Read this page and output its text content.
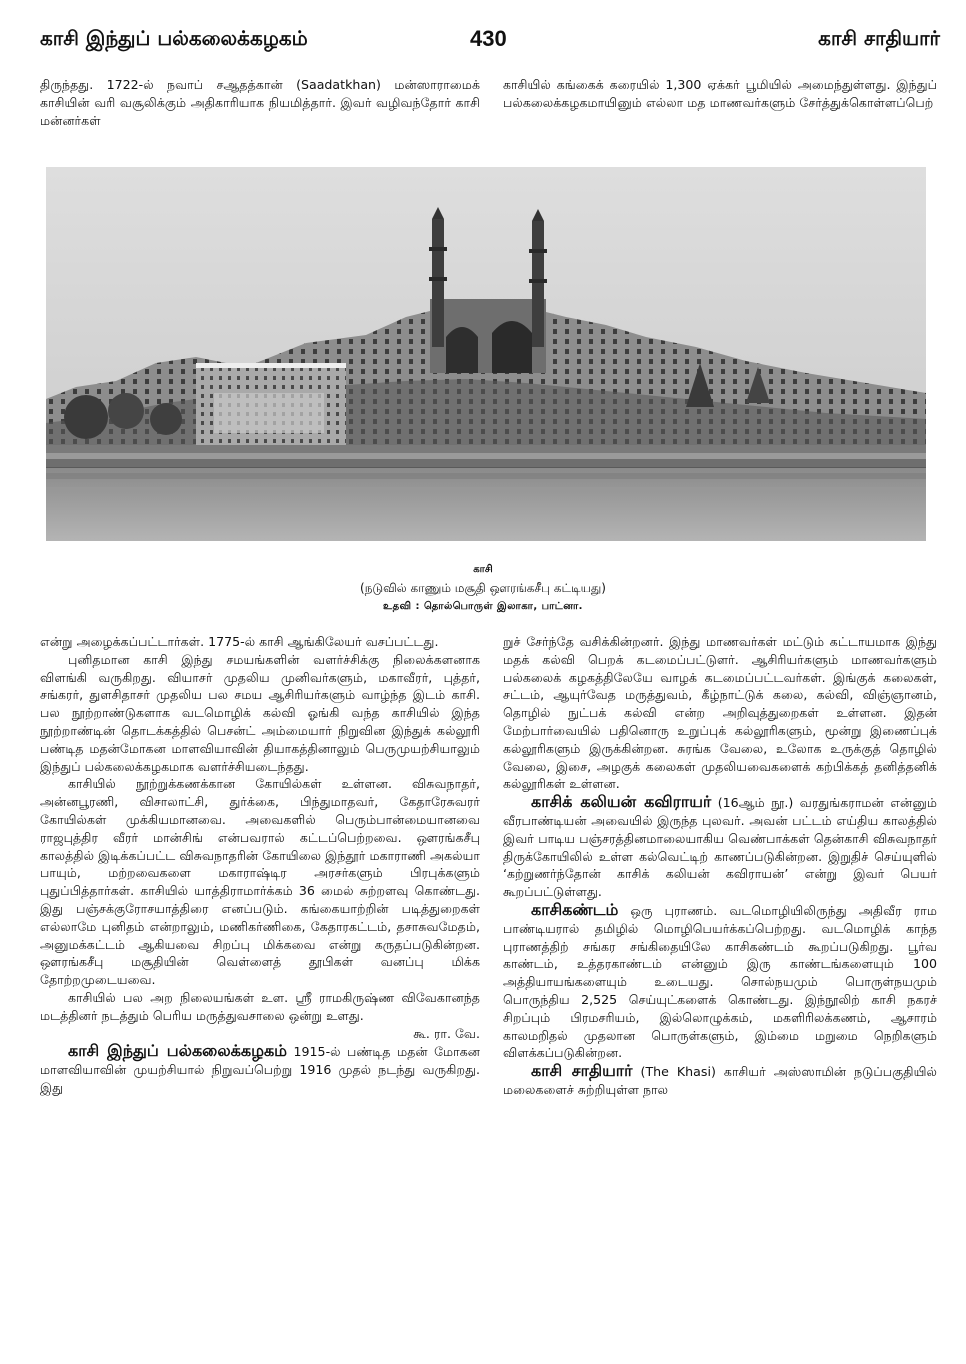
காசி இந்துப் பல்கலைக்கழகம்	430	காசி சாதியார்

திருந்தது. 1722-ல் நவாப் சஆதத்கான் (Saadatkhan) மன்ஸாராமைக் காசியின் வரி வசூலிக்கும் அதிகாரியாக நியமித்தார். இவர் வழிவந்தோர் காசி மன்னர்கள்

காசியில் கங்கைக் கரையில் 1,300 ஏக்கர் பூமியில் அமைந்துள்ளது. இந்துப் பல்கலைக்கழகமாயினும் எல்லா மத மாணவர்களும் சேர்த்துக்கொள்ளப்பெற்

காசி
(நடுவில் காணும் மசூதி ஔரங்கசீபு கட்டியது)
உதவி : தொல்பொருள் இலாகா, பாட்னா.

என்று அழைக்கப்பட்டார்கள். 1775-ல் காசி ஆங்கிலேயர் வசப்பட்டது.

புனிதமான காசி இந்து சமயங்களின் வளர்ச்சிக்கு நிலைக்களனாக விளங்கி வருகிறது. வியாசர் முதலிய முனிவர்களும், மகாவீரர், புத்தர், சங்கரர், துளசிதாசர் முதலிய பல சமய ஆசிரியர்களும் வாழ்ந்த இடம் காசி. பல நூற்றாண்டுகளாக வடமொழிக் கல்வி ஓங்கி வந்த காசியில் இந்த நூற்றாண்டின் தொடக்கத்தில் பெசன்ட் அம்மையார் நிறுவின இந்துக் கல்லூரி பண்டித மதன்மோகன மாளவியாவின் தியாகத்தினாலும் பெருமுயற்சியாலும் இந்துப் பல்கலைக்கழகமாக வளர்ச்சியடைந்தது.

காசியில் நூற்றுக்கணக்கான கோயில்கள் உள்ளன. விசுவநாதர், அன்னபூரணி, விசாலாட்சி, துர்க்கை, பிந்துமாதவர், கேதாரேசுவரர் கோயில்கள் முக்கியமானவை. அவைகளில் பெரும்பான்மையானவை ராஜபுத்திர வீரர் மான்சிங் என்பவரால் கட்டப்பெற்றவை. ஔரங்கசீபு காலத்தில் இடிக்கப்பட்ட விசுவநாதரின் கோயிலை இந்தூர் மகாராணி அகல்யா பாயும், மற்றவைகளை மகாராஷ்டிர அரசர்களும் பிரபுக்களும் புதுப்பித்தார்கள். காசியில் யாத்திராமார்க்கம் 36 மைல் சுற்றளவு கொண்டது. இது பஞ்சக்குரோசயாத்திரை எனப்படும். கங்கையாற்றின் படித்துறைகள் எல்லாமே புனிதம் என்றாலும், மணிகர்ணிகை, கேதாரகட்டம், தசாசுவமேதம், அனுமக்கட்டம் ஆகியவை சிறப்பு மிக்கவை என்று கருதப்படுகின்றன. ஔரங்கசீபு மசூதியின் வெள்ளைத் தூபிகள் வனப்பு மிக்க தோற்றமுடையவை.

காசியில் பல அற நிலையங்கள் உள. ஸ்ரீ ராமகிருஷ்ண விவேகானந்த மடத்தினர் நடத்தும் பெரிய மருத்துவசாலை ஒன்று உளது.

கூ. ரா. வே.

காசி இந்துப் பல்கலைக்கழகம் 1915-ல் பண்டித மதன் மோகன மாளவியாவின் முயற்சியால் நிறுவப்பெற்று 1916 முதல் நடந்து வருகிறது. இது

றுச் சேர்ந்தே வசிக்கின்றனர். இந்து மாணவர்கள் மட்டும் கட்டாயமாக இந்து மதக் கல்வி பெறக் கடமைப்பட்டுளர். ஆசிரியர்களும் மாணவர்களும் பல்கலைக் கழகத்திலேயே வாழக் கடமைப்பட்டவர்கள். இங்குக் கலைகள், சட்டம், ஆயுர்வேத மருத்துவம், கீழ்நாட்டுக் கலை, கல்வி, விஞ்ஞானம், தொழில் நுட்பக் கல்வி என்ற அறிவுத்துறைகள் உள்ளன. இதன் மேற்பார்வையில் பதினொரு உறுப்புக் கல்லூரிகளும், மூன்று இணைப்புக் கல்லூரிகளும் இருக்கின்றன. சுரங்க வேலை, உலோக உருக்குத் தொழில் வேலை, இசை, அழகுக் கலைகள் முதலியவைகளைக் கற்பிக்கத் தனித்தனிக் கல்லூரிகள் உள்ளன.

காசிக் கலியன் கவிராயர் (16ஆம் நூ.) வரதுங்கராமன் என்னும் வீரபாண்டியன் அவையில் இருந்த புலவர். அவன் பட்டம் எய்திய காலத்தில் இவர் பாடிய பஞ்சரத்தினமாலையாகிய வெண்பாக்கள் தென்காசி விசுவநாதர் திருக்கோயிலில் உள்ள கல்வெட்டிற் காணப்படுகின்றன. இறுதிச் செய்யுளில் ‘கற்றுணர்ந்தோன் காசிக் கலியன் கவிராயன்’ என்று இவர் பெயர் கூறப்பட்டுள்ளது.

காசிகண்டம் ஒரு புராணம். வடமொழியிலிருந்து அதிவீர ராம பாண்டியரால் தமிழில் மொழிபெயர்க்கப்பெற்றது. வடமொழிக் காந்த புராணத்திற் சங்கர சங்கிதையிலே காசிகண்டம் கூறப்படுகிறது. பூர்வ காண்டம், உத்தரகாண்டம் என்னும் இரு காண்டங்களையும் 100 அத்தியாயங்களையும் உடையது. சொல்நயமும் பொருள்நயமும் பொருந்திய 2,525 செய்யுட்களைக் கொண்டது. இந்நூலிற் காசி நகரச் சிறப்பும் பிரமசரியம், இல்லொழுக்கம், மகளிரிலக்கணம், ஆசாரம் காலமறிதல் முதலான பொருள்களும், இம்மை மறுமை நெறிகளும் விளக்கப்படுகின்றன.

காசி சாதியார் (The Khasi) காசியர் அஸ்ஸாமின் நடுப்பகுதியில் மலைகளைச் சுற்றியுள்ள நால
